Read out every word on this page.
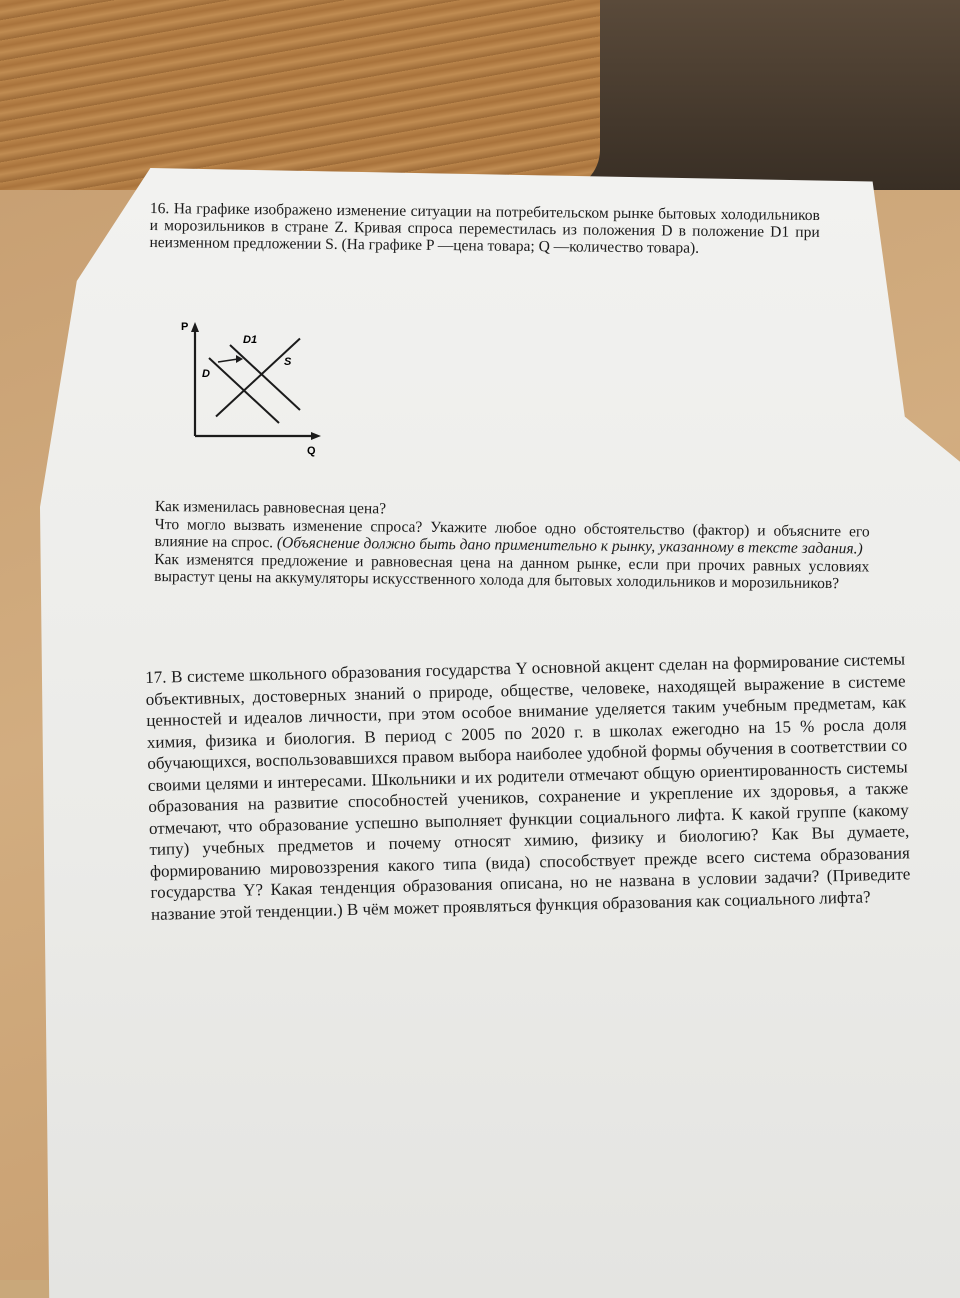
16. На графике изображено изменение ситуации на потребительском рынке бытовых холодильников и морозильников в стране Z. Кривая спроса переместилась из положения D в положение D1 при неизменном предложении S. (На графике P —цена товара; Q —количество товара).

P
Q
D
D1
S

Как изменилась равновесная цена?

Что могло вызвать изменение спроса? Укажите любое одно обстоятельство (фактор) и объясните его влияние на спрос. (Объяснение должно быть дано применительно к рынку, указанному в тексте задания.)

Как изменятся предложение и равновесная цена на данном рынке, если при прочих равных условиях вырастут цены на аккумуляторы искусственного холода для бытовых холодильников и морозильников?

17. В системе школьного образования государства Y основной акцент сделан на формирование системы объективных, достоверных знаний о природе, обществе, человеке, находящей выражение в системе ценностей и идеалов личности, при этом особое внимание уделяется таким учебным предметам, как химия, физика и биология. В период с 2005 по 2020 г. в школах ежегодно на 15 % росла доля обучающихся, воспользовавшихся правом выбора наиболее удобной формы обучения в соответствии со своими целями и интересами. Школьники и их родители отмечают общую ориентированность системы образования на развитие способностей учеников, сохранение и укрепление их здоровья, а также отмечают, что образование успешно выполняет функции социального лифта. К какой группе (какому типу) учебных предметов и почему относят химию, физику и биологию? Как Вы думаете, формированию мировоззрения какого типа (вида) способствует прежде всего система образования государства Y? Какая тенденция образования описана, но не названа в условии задачи? (Приведите название этой тенденции.) В чём может проявляться функция образования как социального лифта?
